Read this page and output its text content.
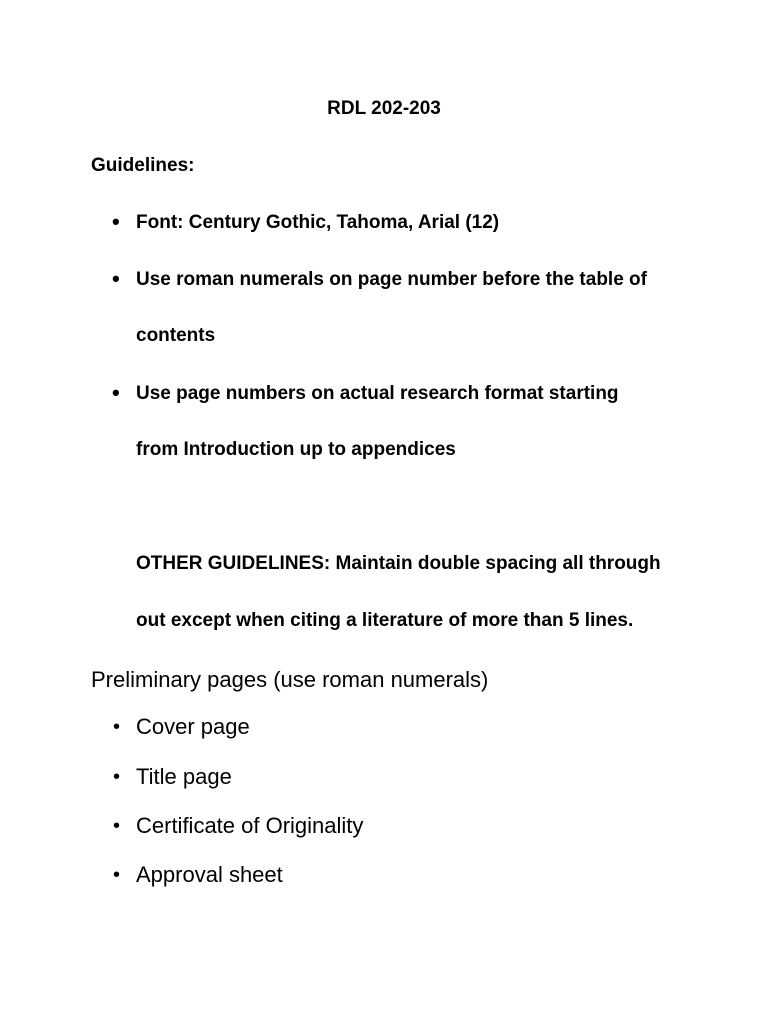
RDL 202-203
Guidelines:
• Font: Century Gothic, Tahoma, Arial (12)
• Use roman numerals on page number before the table of
contents
• Use page numbers on actual research format starting
from Introduction up to appendices
OTHER GUIDELINES: Maintain double spacing all through
out except when citing a literature of more than 5 lines.
Preliminary pages (use roman numerals)
• Cover page
• Title page
• Certificate of Originality
• Approval sheet
